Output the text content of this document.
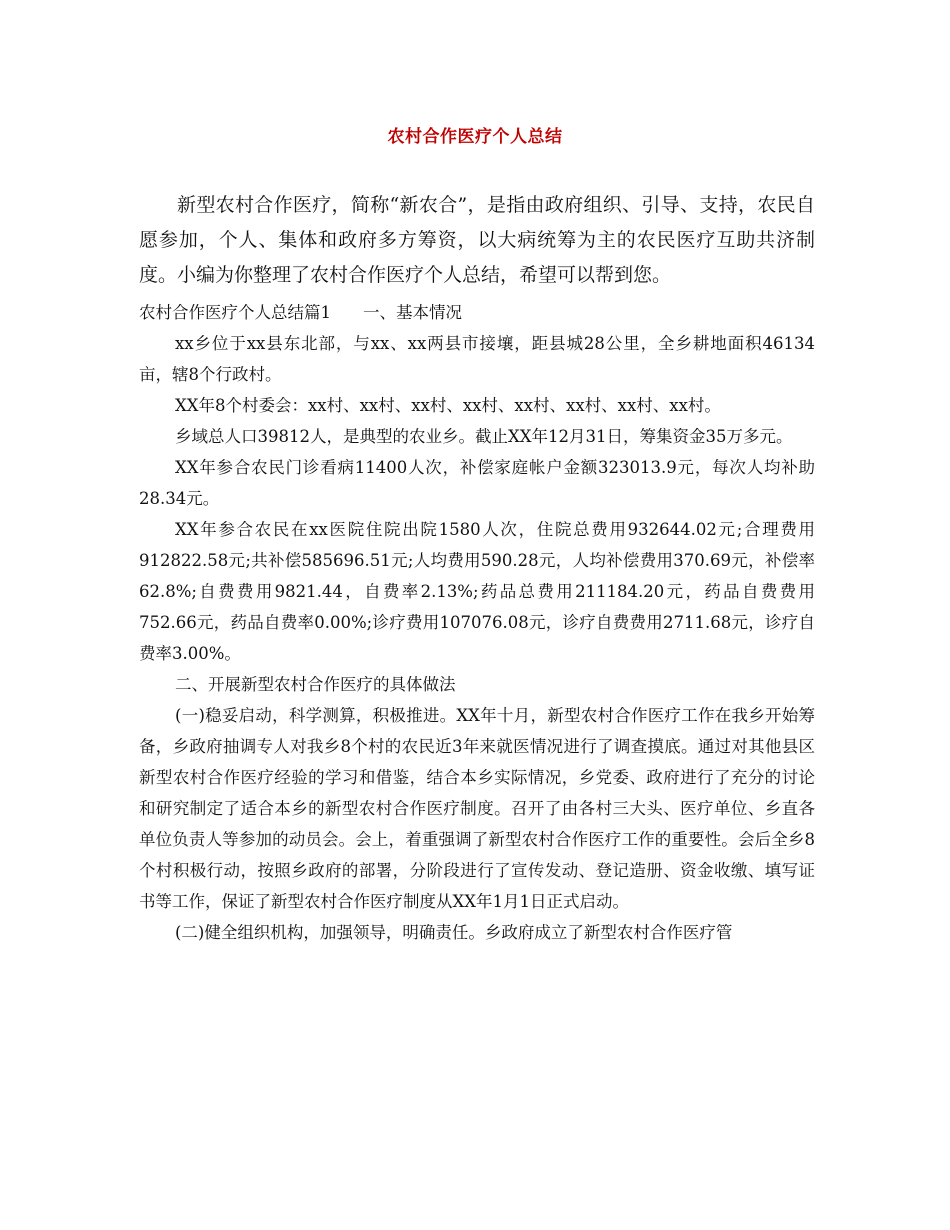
农村合作医疗个人总结

新型农村合作医疗，简称“新农合”，是指由政府组织、引导、支持，农民自愿参加，个人、集体和政府多方筹资，以大病统筹为主的农民医疗互助共济制度。小编为你整理了农村合作医疗个人总结，希望可以帮到您。

农村合作医疗个人总结篇1 一、基本情况

xx乡位于xx县东北部，与xx、xx两县市接壤，距县城28公里，全乡耕地面积46134亩，辖8个行政村。

XX年8个村委会：xx村、xx村、xx村、xx村、xx村、xx村、xx村、xx村。

乡域总人口39812人，是典型的农业乡。截止XX年12月31日，筹集资金35万多元。

XX年参合农民门诊看病11400人次，补偿家庭帐户金额323013.9元，每次人均补助28.34元。

XX年参合农民在xx医院住院出院1580人次，住院总费用932644.02元;合理费用912822.58元;共补偿585696.51元;人均费用590.28元，人均补偿费用370.69元，补偿率62.8%;自费费用9821.44，自费率2.13%;药品总费用211184.20元，药品自费费用752.66元，药品自费率0.00%;诊疗费用107076.08元，诊疗自费费用2711.68元，诊疗自费率3.00%。

二、开展新型农村合作医疗的具体做法

(一)稳妥启动，科学测算，积极推进。XX年十月，新型农村合作医疗工作在我乡开始筹备，乡政府抽调专人对我乡8个村的农民近3年来就医情况进行了调查摸底。通过对其他县区新型农村合作医疗经验的学习和借鉴，结合本乡实际情况，乡党委、政府进行了充分的讨论和研究制定了适合本乡的新型农村合作医疗制度。召开了由各村三大头、医疗单位、乡直各单位负责人等参加的动员会。会上，着重强调了新型农村合作医疗工作的重要性。会后全乡8个村积极行动，按照乡政府的部署，分阶段进行了宣传发动、登记造册、资金收缴、填写证书等工作，保证了新型农村合作医疗制度从XX年1月1日正式启动。

(二)健全组织机构，加强领导，明确责任。乡政府成立了新型农村合作医疗管
